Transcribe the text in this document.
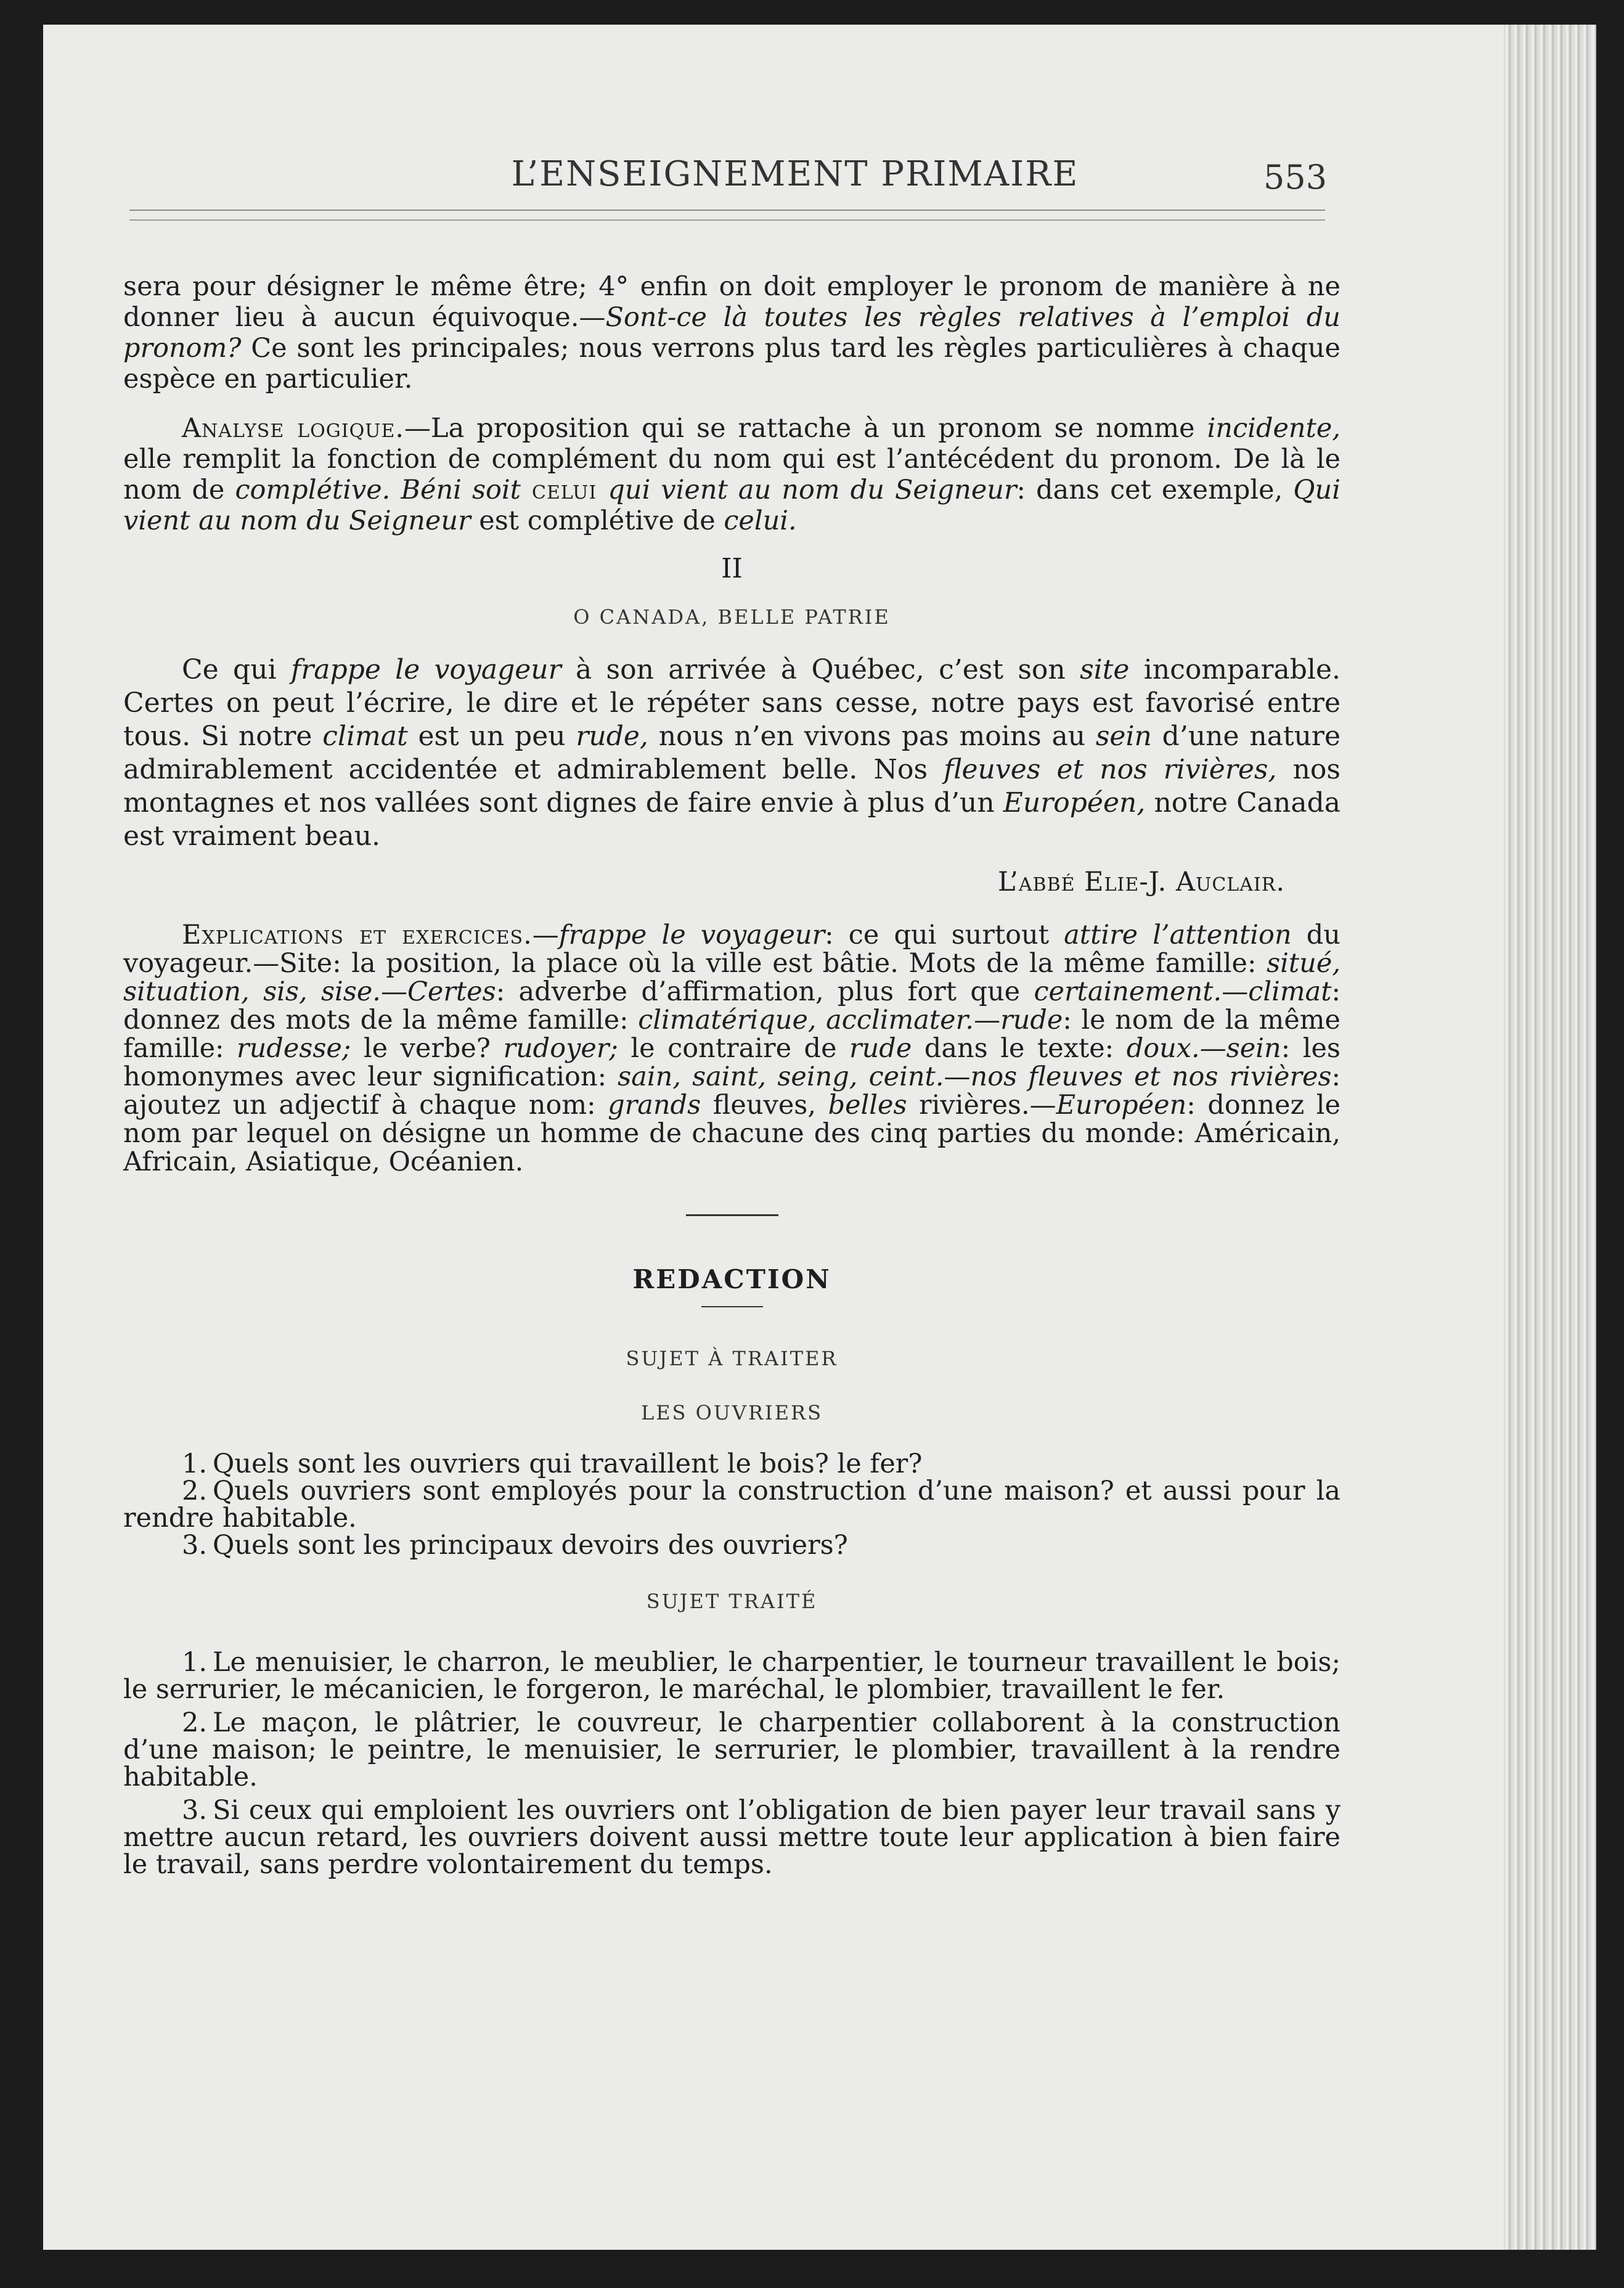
L’ENSEIGNEMENT PRIMAIRE	553

sera pour désigner le même être; 4° enfin on doit employer le pronom de manière à ne donner lieu à aucun équivoque.—Sont-ce là toutes les règles relatives à l’emploi du pronom? Ce sont les principales; nous verrons plus tard les règles particulières à chaque espèce en particulier.

Analyse logique.—La proposition qui se rattache à un pronom se nomme incidente, elle remplit la fonction de complément du nom qui est l’antécédent du pronom. De là le nom de complétive. Béni soit celui qui vient au nom du Seigneur: dans cet exemple, Qui vient au nom du Seigneur est complétive de celui.

II

O CANADA, BELLE PATRIE

Ce qui frappe le voyageur à son arrivée à Québec, c’est son site incomparable. Certes on peut l’écrire, le dire et le répéter sans cesse, notre pays est favorisé entre tous. Si notre climat est un peu rude, nous n’en vivons pas moins au sein d’une nature admirablement accidentée et admirablement belle. Nos fleuves et nos rivières, nos montagnes et nos vallées sont dignes de faire envie à plus d’un Européen, notre Canada est vraiment beau.

L’abbé Elie-J. Auclair.

Explications et exercices.—frappe le voyageur: ce qui surtout attire l’attention du voyageur.—Site: la position, la place où la ville est bâtie. Mots de la même famille: situé, situation, sis, sise.—Certes: adverbe d’affirmation, plus fort que certainement.—climat: donnez des mots de la même famille: climatérique, acclimater.—rude: le nom de la même famille: rudesse; le verbe? rudoyer; le contraire de rude dans le texte: doux.—sein: les homonymes avec leur signification: sain, saint, seing, ceint.—nos fleuves et nos rivières: ajoutez un adjectif à chaque nom: grands fleuves, belles rivières.—Européen: donnez le nom par lequel on désigne un homme de chacune des cinq parties du monde: Américain, Africain, Asiatique, Océanien.

REDACTION

SUJET À TRAITER

LES OUVRIERS

1. Quels sont les ouvriers qui travaillent le bois? le fer?

2. Quels ouvriers sont employés pour la construction d’une maison? et aussi pour la rendre habitable.

3. Quels sont les principaux devoirs des ouvriers?

SUJET TRAITÉ

1. Le menuisier, le charron, le meublier, le charpentier, le tourneur travaillent le bois; le serrurier, le mécanicien, le forgeron, le maréchal, le plombier, travaillent le fer.

2. Le maçon, le plâtrier, le couvreur, le charpentier collaborent à la construction d’une maison; le peintre, le menuisier, le serrurier, le plombier, travaillent à la rendre habitable.

3. Si ceux qui emploient les ouvriers ont l’obligation de bien payer leur travail sans y mettre aucun retard, les ouvriers doivent aussi mettre toute leur application à bien faire le travail, sans perdre volontairement du temps.
